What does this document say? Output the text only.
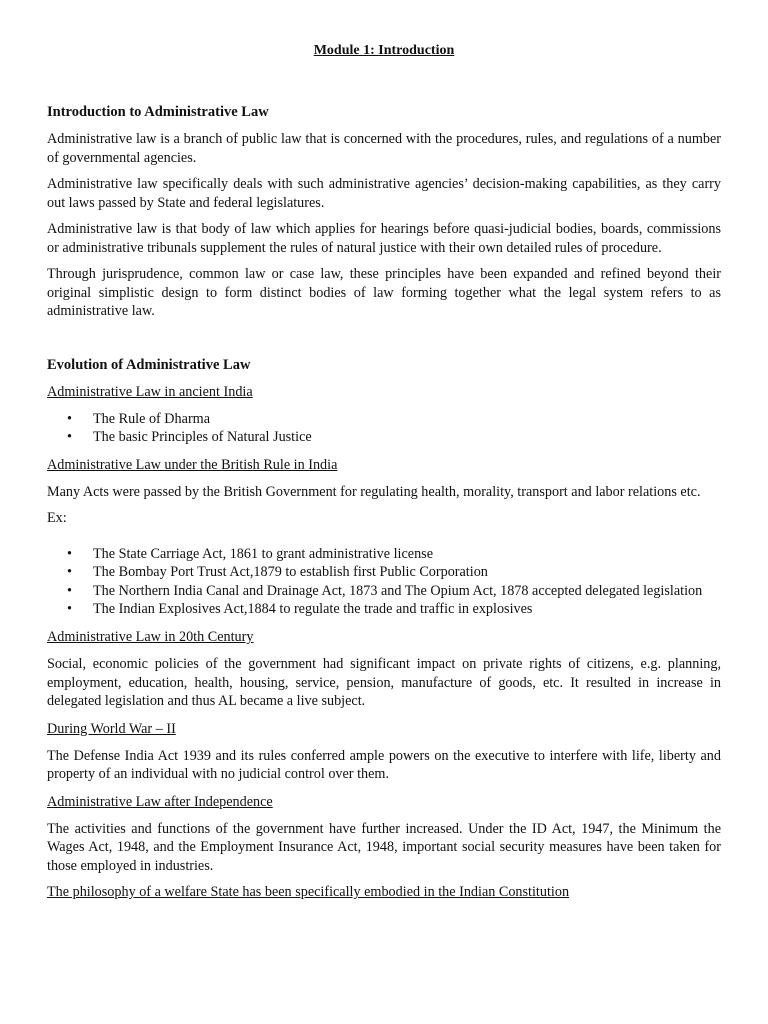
Module 1: Introduction
Introduction to Administrative Law

Administrative law is a branch of public law that is concerned with the procedures, rules, and regulations of a number of governmental agencies.

Administrative law specifically deals with such administrative agencies’ decision-making capabilities, as they carry out laws passed by State and federal legislatures.

Administrative law is that body of law which applies for hearings before quasi-judicial bodies, boards, commissions or administrative tribunals supplement the rules of natural justice with their own detailed rules of procedure.

Through jurisprudence, common law or case law, these principles have been expanded and refined beyond their original simplistic design to form distinct bodies of law forming together what the legal system refers to as administrative law.

Evolution of Administrative Law
Administrative Law in ancient India
• The Rule of Dharma
• The basic Principles of Natural Justice
Administrative Law under the British Rule in India

Many Acts were passed by the British Government for regulating health, morality, transport and labor relations etc.

Ex:

• The State Carriage Act, 1861 to grant administrative license
• The Bombay Port Trust Act,1879 to establish first Public Corporation
• The Northern India Canal and Drainage Act, 1873 and The Opium Act, 1878 accepted delegated legislation
• The Indian Explosives Act,1884 to regulate the trade and traffic in explosives
Administrative Law in 20th Century

Social, economic policies of the government had significant impact on private rights of citizens, e.g. planning, employment, education, health, housing, service, pension, manufacture of goods, etc. It resulted in increase in delegated legislation and thus AL became a live subject.

During World War – II

The Defense India Act 1939 and its rules conferred ample powers on the executive to interfere with life, liberty and property of an individual with no judicial control over them.

Administrative Law after Independence

The activities and functions of the government have further increased. Under the ID Act, 1947, the Minimum the Wages Act, 1948, and the Employment Insurance Act, 1948, important social security measures have been taken for those employed in industries.

The philosophy of a welfare State has been specifically embodied in the Indian Constitution
